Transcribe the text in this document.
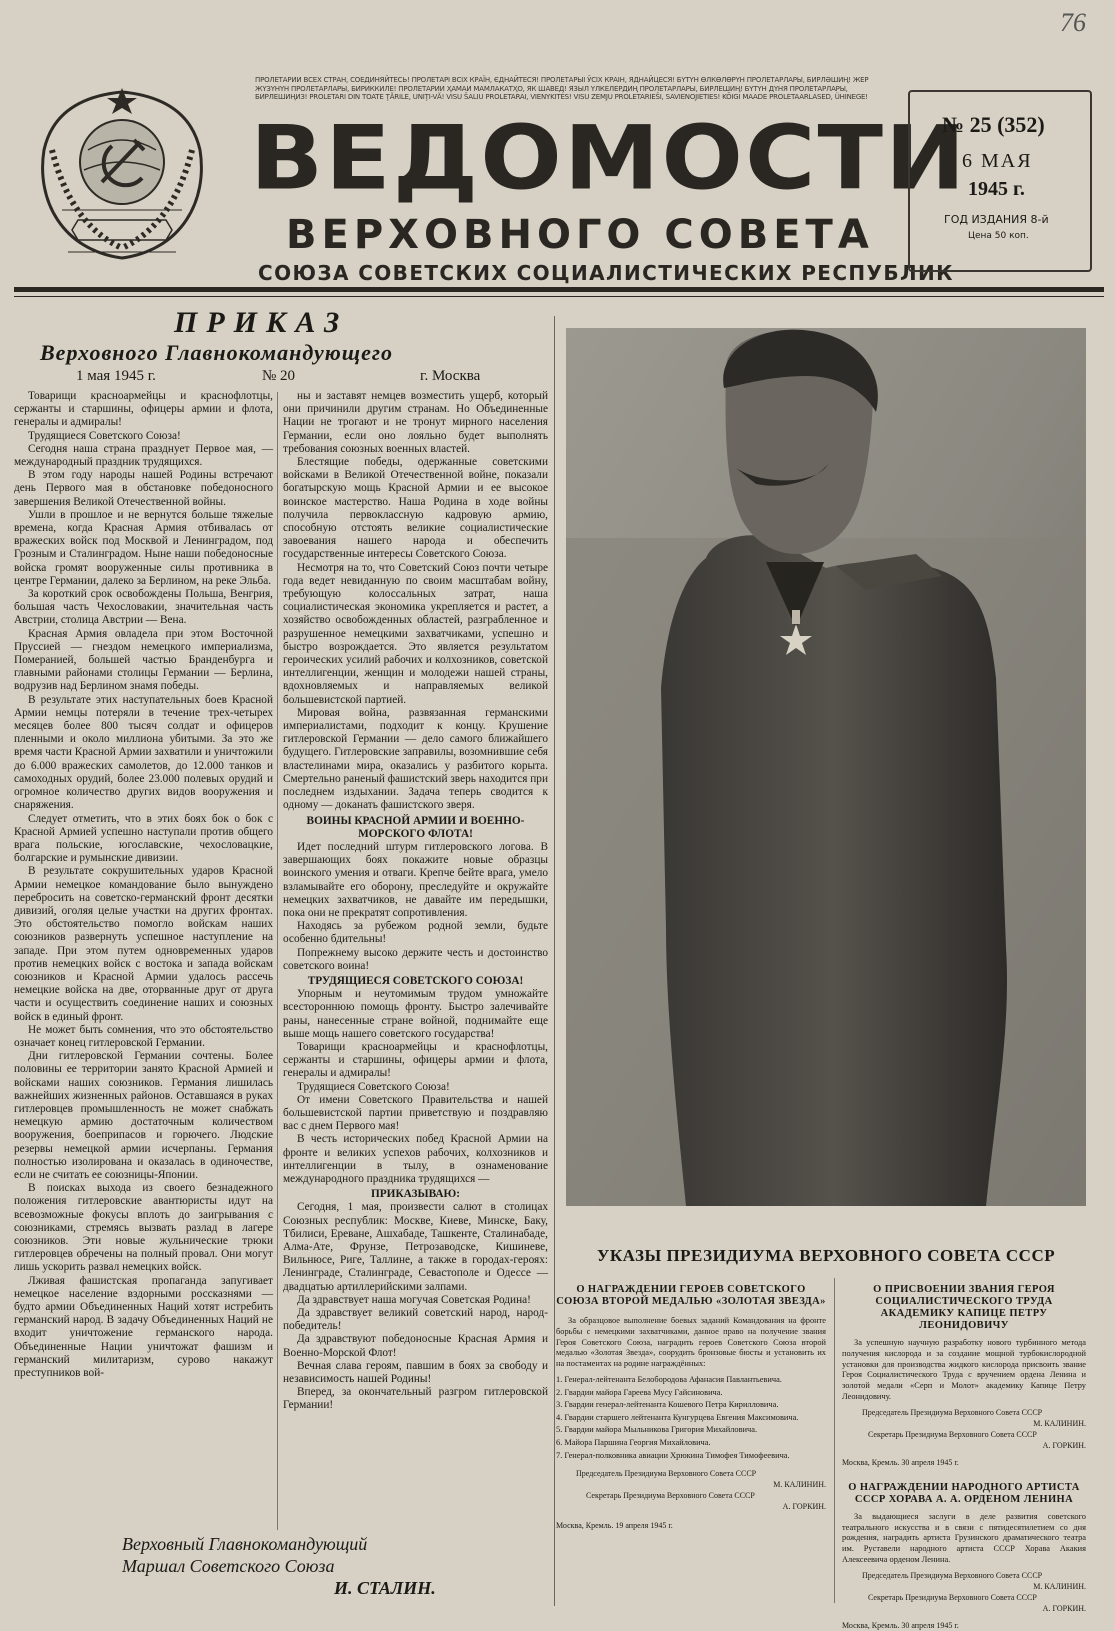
76
ПРОЛЕТАРИИ ВСЕХ СТРАН, СОЕДИНЯЙТЕСЬ! ПРОЛЕТАРІ ВСІХ КРАЇН, ЄДНАЙТЕСЯ! ПРОЛЕТАРЫІ ЎСІХ КРАІН, ЯДНАЙЦЕСЯ! БҮТҮН ӨЛКӨЛӨРҮН ПРОЛЕТАРЛАРЫ, БИРЛӘШИҢ! ЖЕР ЖҮЗҮНҮН ПРОЛЕТАРЛАРЫ, БИРИККИЛЕ! ПРОЛЕТАРИИ ҲАМАИ МАМЛАКАТҲО, ЯК ШАВЕД! ЯЗЫЛ ҮЛКЕЛЕРДИҢ ПРОЛЕТАРЛАРЫ, БИРЛЕШИҢ! БҮТҮН ДҮНЯ ПРОЛЕТАРЛАРЫ, БИРЛЕШИҢИЗ! PROLETARI DIN TOATE ŢĂRILE, UNIŢI-VĂ! VISU ŠALIU PROLETARAI, VIENYKITĖS! VISU ZEMJU PROLETARIEŠI, SAVIENOJIETIES! KÕIGI MAADE PROLETAARLASED, ÜHINEGE!
ВЕДОМОСТИ
ВЕРХОВНОГО СОВЕТА
СОЮЗА СОВЕТСКИХ СОЦИАЛИСТИЧЕСКИХ РЕСПУБЛИК
№ 25 (352)
6 МАЯ
1945 г.
ГОД ИЗДАНИЯ 8-й
Цена 50 коп.
ПРИКАЗ
Верховного Главнокомандующего
1 мая 1945 г.	№ 20	г. Москва

Товарищи красноармейцы и краснофлотцы, сержанты и старшины, офицеры армии и флота, генералы и адмиралы!

Трудящиеся Советского Союза!

Сегодня наша страна празднует Первое мая, — международный праздник трудящихся.

В этом году народы нашей Родины встречают день Первого мая в обстановке победоносного завершения Великой Отечественной войны.

Ушли в прошлое и не вернутся больше тяжелые времена, когда Красная Армия отбивалась от вражеских войск под Москвой и Ленинградом, под Грозным и Сталинградом. Ныне наши победоносные войска громят вооруженные силы противника в центре Германии, далеко за Берлином, на реке Эльба.

За короткий срок освобождены Польша, Венгрия, большая часть Чехословакии, значительная часть Австрии, столица Австрии — Вена.

Красная Армия овладела при этом Восточной Пруссией — гнездом немецкого империализма, Померанией, большей частью Бранденбурга и главными районами столицы Германии — Берлина, водрузив над Берлином знамя победы.

В результате этих наступательных боев Красной Армии немцы потеряли в течение трех-четырех месяцев более 800 тысяч солдат и офицеров пленными и около миллиона убитыми. За это же время части Красной Армии захватили и уничтожили до 6.000 вражеских самолетов, до 12.000 танков и самоходных орудий, более 23.000 полевых орудий и огромное количество других видов вооружения и снаряжения.

Следует отметить, что в этих боях бок о бок с Красной Армией успешно наступали против общего врага польские, югославские, чехословацкие, болгарские и румынские дивизии.

В результате сокрушительных ударов Красной Армии немецкое командование было вынуждено перебросить на советско-германский фронт десятки дивизий, оголяя целые участки на других фронтах. Это обстоятельство помогло войскам наших союзников развернуть успешное наступление на западе. При этом путем одновременных ударов против немецких войск с востока и запада войскам союзников и Красной Армии удалось рассечь немецкие войска на две, оторванные друг от друга части и осуществить соединение наших и союзных войск в единый фронт.

Не может быть сомнения, что это обстоятельство означает конец гитлеровской Германии.

Дни гитлеровской Германии сочтены. Более половины ее территории занято Красной Армией и войсками наших союзников. Германия лишилась важнейших жизненных районов. Оставшаяся в руках гитлеровцев промышленность не может снабжать немецкую армию достаточным количеством вооружения, боеприпасов и горючего. Людские резервы немецкой армии исчерпаны. Германия полностью изолирована и оказалась в одиночестве, если не считать ее союзницы-Японии.

В поисках выхода из своего безнадежного положения гитлеровские авантюристы идут на всевозможные фокусы вплоть до заигрывания с союзниками, стремясь вызвать разлад в лагере союзников. Эти новые жульнические трюки гитлеровцев обречены на полный провал. Они могут лишь ускорить развал немецких войск.

Лживая фашистская пропаганда запугивает немецкое население вздорными россказнями — будто армии Объединенных Наций хотят истребить германский народ. В задачу Объединенных Наций не входит уничтожение германского народа. Объединенные Нации уничтожат фашизм и германский милитаризм, сурово накажут преступников вой-

ны и заставят немцев возместить ущерб, который они причинили другим странам. Но Объединенные Нации не трогают и не тронут мирного населения Германии, если оно лояльно будет выполнять требования союзных военных властей.

Блестящие победы, одержанные советскими войсками в Великой Отечественной войне, показали богатырскую мощь Красной Армии и ее высокое воинское мастерство. Наша Родина в ходе войны получила первоклассную кадровую армию, способную отстоять великие социалистические завоевания нашего народа и обеспечить государственные интересы Советского Союза.

Несмотря на то, что Советский Союз почти четыре года ведет невиданную по своим масштабам войну, требующую колоссальных затрат, наша социалистическая экономика укрепляется и растет, а хозяйство освобожденных областей, разграбленное и разрушенное немецкими захватчиками, успешно и быстро возрождается. Это является результатом героических усилий рабочих и колхозников, советской интеллигенции, женщин и молодежи нашей страны, вдохновляемых и направляемых великой большевистской партией.

Мировая война, развязанная германскими империалистами, подходит к концу. Крушение гитлеровской Германии — дело самого ближайшего будущего. Гитлеровские заправилы, возомнившие себя властелинами мира, оказались у разбитого корыта. Смертельно раненый фашистский зверь находится при последнем издыхании. Задача теперь сводится к одному — доканать фашистского зверя.

ВОИНЫ КРАСНОЙ АРМИИ И ВОЕННО-МОРСКОГО ФЛОТА!

Идет последний штурм гитлеровского логова. В завершающих боях покажите новые образцы воинского умения и отваги. Крепче бейте врага, умело взламывайте его оборону, преследуйте и окружайте немецких захватчиков, не давайте им передышки, пока они не прекратят сопротивления.

Находясь за рубежом родной земли, будьте особенно бдительны!

Попрежнему высоко держите честь и достоинство советского воина!

ТРУДЯЩИЕСЯ СОВЕТСКОГО СОЮЗА!

Упорным и неутомимым трудом умножайте всестороннюю помощь фронту. Быстро залечивайте раны, нанесенные стране войной, поднимайте еще выше мощь нашего советского государства!

Товарищи красноармейцы и краснофлотцы, сержанты и старшины, офицеры армии и флота, генералы и адмиралы!

Трудящиеся Советского Союза!

От имени Советского Правительства и нашей большевистской партии приветствую и поздравляю вас с днем Первого мая!

В честь исторических побед Красной Армии на фронте и великих успехов рабочих, колхозников и интеллигенции в тылу, в ознаменование международного праздника трудящихся —

ПРИКАЗЫВАЮ:

Сегодня, 1 мая, произвести салют в столицах Союзных республик: Москве, Киеве, Минске, Баку, Тбилиси, Ереване, Ашхабаде, Ташкенте, Сталинабаде, Алма-Ате, Фрунзе, Петрозаводске, Кишиневе, Вильнюсе, Риге, Таллине, а также в городах-героях: Ленинграде, Сталинграде, Севастополе и Одессе — двадцатью артиллерийскими залпами.

Да здравствует наша могучая Советская Родина!

Да здравствует великий советский народ, народ-победитель!

Да здравствуют победоносные Красная Армия и Военно-Морской Флот!

Вечная слава героям, павшим в боях за свободу и независимость нашей Родины!

Вперед, за окончательный разгром гитлеровской Германии!

Верховный Главнокомандующий
Маршал Советского Союза
И. СТАЛИН.
УКАЗЫ ПРЕЗИДИУМА ВЕРХОВНОГО СОВЕТА СССР
О НАГРАЖДЕНИИ ГЕРОЕВ СОВЕТСКОГО СОЮЗА ВТОРОЙ МЕДАЛЬЮ «ЗОЛОТАЯ ЗВЕЗДА»

За образцовое выполнение боевых заданий Командования на фронте борьбы с немецкими захватчиками, данное право на получение звания Героя Советского Союза, наградить героев Советского Союза второй медалью «Золотая Звезда», соорудить бронзовые бюсты и установить их на постаментах на родине награждённых:

1. Генерал-лейтенанта Белобородова Афанасия Павлантьевича.
2. Гвардии майора Гареева Мусу Гайсиновича.
3. Гвардии генерал-лейтенанта Кошевого Петра Кирилловича.
4. Гвардии старшего лейтенанта Кунгурцева Евгения Максимовича.
5. Гвардии майора Мыльникова Григория Михайловича.
6. Майора Паршина Георгия Михайловича.
7. Генерал-полковника авиации Хрюкина Тимофея Тимофеевича.
Председатель Президиума Верховного Совета СССР
М. КАЛИНИН.
Секретарь Президиума Верховного Совета СССР
А. ГОРКИН.
Москва, Кремль. 19 апреля 1945 г.
О ПРИСВОЕНИИ ЗВАНИЯ ГЕРОЯ СОЦИАЛИСТИЧЕСКОГО ТРУДА АКАДЕМИКУ КАПИЦЕ ПЕТРУ ЛЕОНИДОВИЧУ

За успешную научную разработку нового турбинного метода получения кислорода и за создание мощной турбокислородной установки для производства жидкого кислорода присвоить звание Героя Социалистического Труда с вручением ордена Ленина и золотой медали «Серп и Молот» академику Капице Петру Леонидовичу.

Председатель Президиума Верховного Совета СССР
М. КАЛИНИН.
Секретарь Президиума Верховного Совета СССР
А. ГОРКИН.
Москва, Кремль. 30 апреля 1945 г.
О НАГРАЖДЕНИИ НАРОДНОГО АРТИСТА СССР ХОРАВА А. А. ОРДЕНОМ ЛЕНИНА

За выдающиеся заслуги в деле развития советского театрального искусства и в связи с пятидесятилетием со дня рождения, наградить артиста Грузинского драматического театра им. Руставели народного артиста СССР Хорава Акакия Алексеевича орденом Ленина.

Председатель Президиума Верховного Совета СССР
М. КАЛИНИН.
Секретарь Президиума Верховного Совета СССР
А. ГОРКИН.
Москва, Кремль. 30 апреля 1945 г.
